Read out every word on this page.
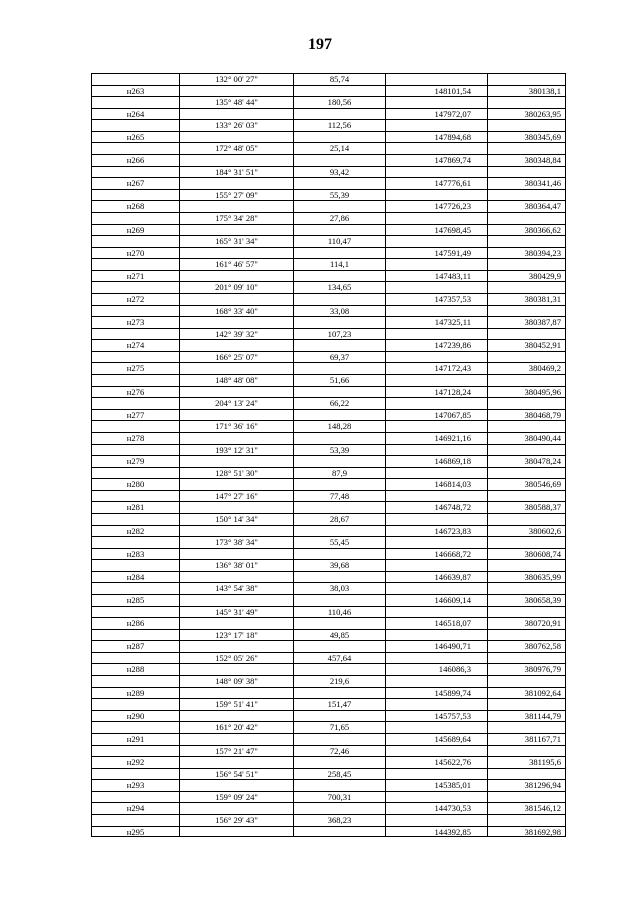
197
132° 00' 27"	85,74
н263	148101,54	380138,1
135° 48' 44"	180,56
н264	147972,07	380263,95
133° 26' 03"	112,56
н265	147894,68	380345,69
172° 48' 05"	25,14
н266	147869,74	380348,84
184° 31' 51"	93,42
н267	147776,61	380341,46
155° 27' 09"	55,39
н268	147726,23	380364,47
175° 34' 28"	27,86
н269	147698,45	380366,62
165° 31' 34"	110,47
н270	147591,49	380394,23
161° 46' 57"	114,1
н271	147483,11	380429,9
201° 09' 10"	134,65
н272	147357,53	380381,31
168° 33' 40"	33,08
н273	147325,11	380387,87
142° 39' 32"	107,23
н274	147239,86	380452,91
166° 25' 07"	69,37
н275	147172,43	380469,2
148° 48' 08"	51,66
н276	147128,24	380495,96
204° 13' 24"	66,22
н277	147067,85	380468,79
171° 36' 16"	148,28
н278	146921,16	380490,44
193° 12' 31"	53,39
н279	146869,18	380478,24
128° 51' 30"	87,9
н280	146814,03	380546,69
147° 27' 16"	77,48
н281	146748,72	380588,37
150° 14' 34"	28,67
н282	146723,83	380602,6
173° 38' 34"	55,45
н283	146668,72	380608,74
136° 38' 01"	39,68
н284	146639,87	380635,99
143° 54' 38"	38,03
н285	146609,14	380658,39
145° 31' 49"	110,46
н286	146518,07	380720,91
123° 17' 18"	49,85
н287	146490,71	380762,58
152° 05' 26"	457,64
н288	146086,3	380976,79
148° 09' 38"	219,6
н289	145899,74	381092,64
159° 51' 41"	151,47
н290	145757,53	381144,79
161° 20' 42"	71,65
н291	145689,64	381167,71
157° 21' 47"	72,46
н292	145622,76	381195,6
156° 54' 51"	258,45
н293	145385,01	381296,94
159° 09' 24"	700,31
н294	144730,53	381546,12
156° 29' 43"	368,23
н295	144392,85	381692,98
